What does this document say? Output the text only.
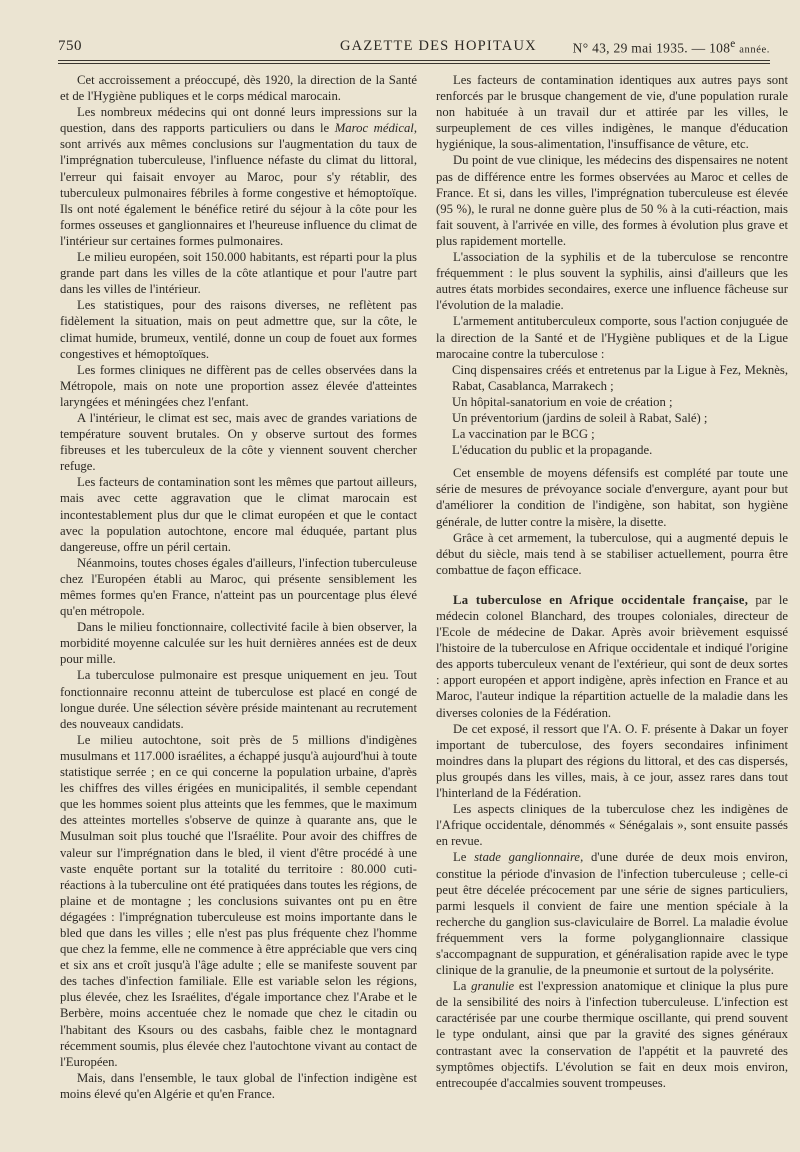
750	GAZETTE DES HOPITAUX	N° 43, 29 mai 1935. — 108e année.

Cet accroissement a préoccupé, dès 1920, la direction de la Santé et de l'Hygiène publiques et le corps médical marocain.

Les nombreux médecins qui ont donné leurs impressions sur la question, dans des rapports particuliers ou dans le Maroc médical, sont arrivés aux mêmes conclusions sur l'augmentation du taux de l'imprégnation tuberculeuse, l'influence néfaste du climat du littoral, l'erreur qui faisait envoyer au Maroc, pour s'y rétablir, des tuberculeux pulmonaires fébriles à forme congestive et hémoptoïque. Ils ont noté également le bénéfice retiré du séjour à la côte pour les formes osseuses et ganglionnaires et l'heureuse influence du climat de l'intérieur sur certaines formes pulmonaires.

Le milieu européen, soit 150.000 habitants, est réparti pour la plus grande part dans les villes de la côte atlantique et pour l'autre part dans les villes de l'intérieur.

Les statistiques, pour des raisons diverses, ne reflètent pas fidèlement la situation, mais on peut admettre que, sur la côte, le climat humide, brumeux, ventilé, donne un coup de fouet aux formes congestives et hémoptoïques.

Les formes cliniques ne diffèrent pas de celles observées dans la Métropole, mais on note une proportion assez élevée d'atteintes laryngées et méningées chez l'enfant.

A l'intérieur, le climat est sec, mais avec de grandes variations de température souvent brutales. On y observe surtout des formes fibreuses et les tuberculeux de la côte y viennent souvent chercher refuge.

Les facteurs de contamination sont les mêmes que partout ailleurs, mais avec cette aggravation que le climat marocain est incontestablement plus dur que le climat européen et que le contact avec la population autochtone, encore mal éduquée, partant plus dangereuse, offre un péril certain.

Néanmoins, toutes choses égales d'ailleurs, l'infection tuberculeuse chez l'Européen établi au Maroc, qui présente sensiblement les mêmes formes qu'en France, n'atteint pas un pourcentage plus élevé qu'en métropole.

Dans le milieu fonctionnaire, collectivité facile à bien observer, la morbidité moyenne calculée sur les huit dernières années est de deux pour mille.

La tuberculose pulmonaire est presque uniquement en jeu. Tout fonctionnaire reconnu atteint de tuberculose est placé en congé de longue durée. Une sélection sévère préside maintenant au recrutement des nouveaux candidats.

Le milieu autochtone, soit près de 5 millions d'indigènes musulmans et 117.000 israélites, a échappé jusqu'à aujourd'hui à toute statistique serrée ; en ce qui concerne la population urbaine, d'après les chiffres des villes érigées en municipalités, il semble cependant que les hommes soient plus atteints que les femmes, que le maximum des atteintes mortelles s'observe de quinze à quarante ans, que le Musulman soit plus touché que l'Israélite. Pour avoir des chiffres de valeur sur l'imprégnation dans le bled, il vient d'être procédé à une vaste enquête portant sur la totalité du territoire : 80.000 cuti-réactions à la tuberculine ont été pratiquées dans toutes les régions, de plaine et de montagne ; les conclusions suivantes ont pu en être dégagées : l'imprégnation tuberculeuse est moins importante dans le bled que dans les villes ; elle n'est pas plus fréquente chez l'homme que chez la femme, elle ne commence à être appréciable que vers cinq et six ans et croît jusqu'à l'âge adulte ; elle se manifeste souvent par des taches d'infection familiale. Elle est variable selon les régions, plus élevée, chez les Israélites, d'égale importance chez l'Arabe et le Berbère, moins accentuée chez le nomade que chez le citadin ou l'habitant des Ksours ou des casbahs, faible chez le montagnard récemment soumis, plus élevée chez l'autochtone vivant au contact de l'Européen.

Mais, dans l'ensemble, le taux global de l'infection indigène est moins élevé qu'en Algérie et qu'en France.

Les facteurs de contamination identiques aux autres pays sont renforcés par le brusque changement de vie, d'une population rurale non habituée à un travail dur et attirée par les villes, le surpeuplement de ces villes indigènes, le manque d'éducation hygiénique, la sous-alimentation, l'insuffisance de vêture, etc.

Du point de vue clinique, les médecins des dispensaires ne notent pas de différence entre les formes observées au Maroc et celles de France. Et si, dans les villes, l'imprégnation tuberculeuse est élevée (95 %), le rural ne donne guère plus de 50 % à la cuti-réaction, mais fait souvent, à l'arrivée en ville, des formes à évolution plus grave et plus rapidement mortelle.

L'association de la syphilis et de la tuberculose se rencontre fréquemment : le plus souvent la syphilis, ainsi d'ailleurs que les autres états morbides secondaires, exerce une influence fâcheuse sur l'évolution de la maladie.

L'armement antituberculeux comporte, sous l'action conjuguée de la direction de la Santé et de l'Hygiène publiques et de la Ligue marocaine contre la tuberculose :

Cinq dispensaires créés et entretenus par la Ligue à Fez, Meknès, Rabat, Casablanca, Marrakech ;

Un hôpital-sanatorium en voie de création ;

Un préventorium (jardins de soleil à Rabat, Salé) ;

La vaccination par le BCG ;

L'éducation du public et la propagande.

Cet ensemble de moyens défensifs est complété par toute une série de mesures de prévoyance sociale d'envergure, ayant pour but d'améliorer la condition de l'indigène, son habitat, son hygiène générale, de lutter contre la misère, la disette.

Grâce à cet armement, la tuberculose, qui a augmenté depuis le début du siècle, mais tend à se stabiliser actuellement, pourra être combattue de façon efficace.

La tuberculose en Afrique occidentale française, par le médecin colonel Blanchard, des troupes coloniales, directeur de l'Ecole de médecine de Dakar. Après avoir brièvement esquissé l'histoire de la tuberculose en Afrique occidentale et indiqué l'origine des apports tuberculeux venant de l'extérieur, qui sont de deux sortes : apport européen et apport indigène, après infection en France et au Maroc, l'auteur indique la répartition actuelle de la maladie dans les diverses colonies de la Fédération.

De cet exposé, il ressort que l'A. O. F. présente à Dakar un foyer important de tuberculose, des foyers secondaires infiniment moindres dans la plupart des régions du littoral, et des cas dispersés, plus groupés dans les villes, mais, à ce jour, assez rares dans tout l'hinterland de la Fédération.

Les aspects cliniques de la tuberculose chez les indigènes de l'Afrique occidentale, dénommés « Sénégalais », sont ensuite passés en revue.

Le stade ganglionnaire, d'une durée de deux mois environ, constitue la période d'invasion de l'infection tuberculeuse ; celle-ci peut être décelée précocement par une série de signes particuliers, parmi lesquels il convient de faire une mention spéciale à la recherche du ganglion sus-claviculaire de Borrel. La maladie évolue fréquemment vers la forme polyganglionnaire classique s'accompagnant de suppuration, et généralisation rapide avec le type clinique de la granulie, de la pneumonie et surtout de la polysérite.

La granulie est l'expression anatomique et clinique la plus pure de la sensibilité des noirs à l'infection tuberculeuse. L'infection est caractérisée par une courbe thermique oscillante, qui prend souvent le type ondulant, ainsi que par la gravité des signes généraux contrastant avec la conservation de l'appétit et la pauvreté des symptômes objectifs. L'évolution se fait en deux mois environ, entrecoupée d'accalmies souvent trompeuses.
